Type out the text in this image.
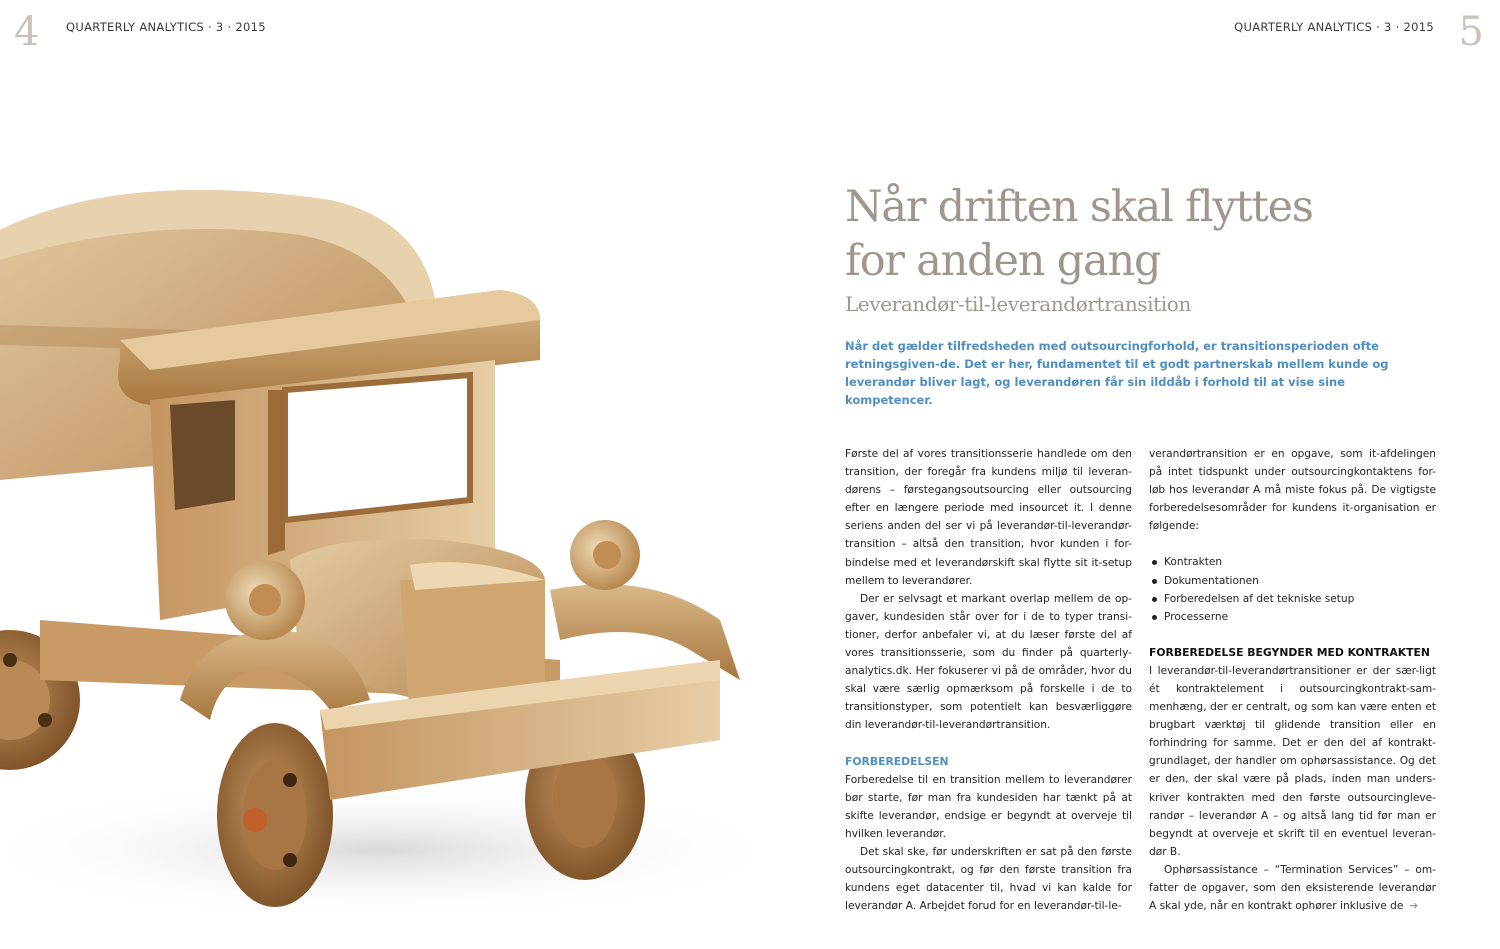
4 QUARTERLY ANALYTICS · 3 · 2015	QUARTERLY ANALYTICS · 3 · 2015 5
Når driften skal flyttes
for anden gang
Leverandør-til-leverandørtransition

Når det gælder tilfredsheden med outsourcingforhold, er transitionsperioden ofte retningsgiven-de. Det er her, fundamentet til et godt partnerskab mellem kunde og leverandør bliver lagt, og leverandøren får sin ilddåb i forhold til at vise sine kompetencer.

Første del af vores transitionsserie handlede om den transition, der foregår fra kundens miljø til leveran-dørens – førstegangsoutsourcing eller outsourcing efter en længere periode med insourcet it. I denne seriens anden del ser vi på leverandør-til-leverandør-transition – altså den transition, hvor kunden i for-bindelse med et leverandørskift skal flytte sit it-setup mellem to leverandører.

Der er selvsagt et markant overlap mellem de op-gaver, kundesiden står over for i de to typer transi-tioner, derfor anbefaler vi, at du læser første del af vores transitionsserie, som du finder på quarterly-analytics.dk. Her fokuserer vi på de områder, hvor du skal være særlig opmærksom på forskelle i de to transitionstyper, som potentielt kan besværliggøre din leverandør-til-leverandørtransition.

FORBEREDELSEN

Forberedelse til en transition mellem to leverandører bør starte, før man fra kundesiden har tænkt på at skifte leverandør, endsige er begyndt at overveje til hvilken leverandør.

Det skal ske, før underskriften er sat på den første outsourcingkontrakt, og før den første transition fra kundens eget datacenter til, hvad vi kan kalde for leverandør A. Arbejdet forud for en leverandør-til-le-

verandørtransition er en opgave, som it-afdelingen på intet tidspunkt under outsourcingkontaktens for-løb hos leverandør A må miste fokus på. De vigtigste forberedelsesområder for kundens it-organisation er følgende:

Kontrakten
Dokumentationen
Forberedelsen af det tekniske setup
Processerne
FORBEREDELSE BEGYNDER MED KONTRAKTEN

I leverandør-til-leverandørtransitioner er der sær-ligt ét kontraktelement i outsourcingkontrakt-sam-menhæng, der er centralt, og som kan være enten et brugbart værktøj til glidende transition eller en forhindring for samme. Det er den del af kontrakt-grundlaget, der handler om ophørsassistance. Og det er den, der skal være på plads, inden man unders-kriver kontrakten med den første outsourcingleve-randør – leverandør A – og altså lang tid før man er begyndt at overveje et skrift til en eventuel leveran-dør B.

Ophørsassistance – “Termination Services” – om-fatter de opgaver, som den eksisterende leverandør A skal yde, når en kontrakt ophører inklusive de ➔
